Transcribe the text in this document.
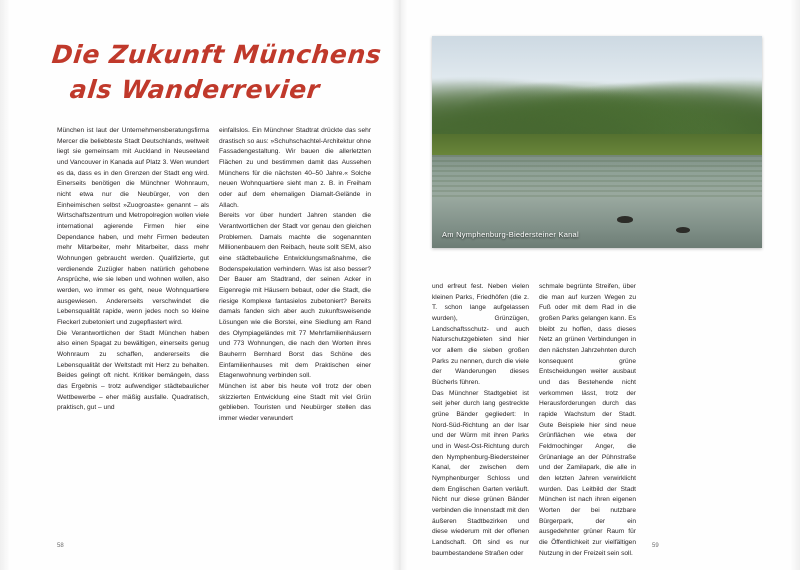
Die Zukunft Münchens
als Wanderrevier
Am Nymphenburg-Biedersteiner Kanal

München ist laut der Unternehmensberatungsfirma Mercer die beliebteste Stadt Deutschlands, weltweit liegt sie gemeinsam mit Auckland in Neuseeland und Vancouver in Kanada auf Platz 3. Wen wundert es da, dass es in den Grenzen der Stadt eng wird. Einerseits benötigen die Münchner Wohnraum, nicht etwa nur die Neubürger, von den Einheimischen selbst »Zuogroaste« genannt – als Wirtschaftszentrum und Metropolregion wollen viele international agierende Firmen hier eine Dependance haben, und mehr Firmen bedeuten mehr Mitarbeiter, mehr Mitarbeiter, dass mehr Wohnungen gebraucht werden. Qualifizierte, gut verdienende Zuzügler haben natürlich gehobene Ansprüche, wie sie leben und wohnen wollen, also werden, wo immer es geht, neue Wohnquartiere ausgewiesen. Andererseits verschwindet die Lebensqualität rapide, wenn jedes noch so kleine Fleckerl zubetoniert und zugepflastert wird.

Die Verantwortlichen der Stadt München haben also einen Spagat zu bewältigen, einerseits genug Wohnraum zu schaffen, andererseits die Lebensqualität der Weltstadt mit Herz zu behalten. Beides gelingt oft nicht. Kritiker bemängeln, dass das Ergebnis – trotz aufwendiger städtebaulicher Wettbewerbe – eher mäßig ausfalle. Quadratisch, praktisch, gut – und

einfallslos. Ein Münchner Stadtrat drückte das sehr drastisch so aus: »Schuhschachtel-Architektur ohne Fassadengestaltung. Wir bauen die allerletzten Flächen zu und bestimmen damit das Aussehen Münchens für die nächsten 40–50 Jahre.« Solche neuen Wohnquartiere sieht man z. B. in Freiham oder auf dem ehemaligen Diamalt-Gelände in Allach.

Bereits vor über hundert Jahren standen die Verantwortlichen der Stadt vor genau den gleichen Problemen. Damals machte die sogenannten Millionenbauern den Reibach, heute sollt SEM, also eine städtebauliche Entwicklungsmaßnahme, die Bodenspekulation verhindern. Was ist also besser? Der Bauer am Stadtrand, der seinen Acker in Eigenregie mit Häusern bebaut, oder die Stadt, die riesige Komplexe fantasielos zubetoniert? Bereits damals fanden sich aber auch zukunftsweisende Lösungen wie die Borstei, eine Siedlung am Rand des Olympiageländes mit 77 Mehrfamilienhäusern und 773 Wohnungen, die nach den Worten ihres Bauherrn Bernhard Borst das Schöne des Einfamilienhauses mit dem Praktischen einer Etagenwohnung verbinden soll.

München ist aber bis heute voll trotz der oben skizzierten Entwicklung eine Stadt mit viel Grün geblieben. Touristen und Neubürger stellen das immer wieder verwundert

und erfreut fest. Neben vielen kleinen Parks, Friedhöfen (die z. T. schon lange aufgelassen wurden), Grünzügen, Landschaftsschutz- und auch Naturschutzgebieten sind hier vor allem die sieben großen Parks zu nennen, durch die viele der Wanderungen dieses Bücherls führen.

Das Münchner Stadtgebiet ist seit jeher durch lang gestreckte grüne Bänder gegliedert: In Nord-Süd-Richtung an der Isar und der Würm mit ihren Parks und in West-Ost-Richtung durch den Nymphenburg-Biedersteiner Kanal, der zwischen dem Nymphenburger Schloss und dem Englischen Garten verläuft. Nicht nur diese grünen Bänder verbinden die Innenstadt mit den äußeren Stadtbezirken und diese wiederum mit der offenen Landschaft. Oft sind es nur baumbestandene Straßen oder

schmale begrünte Streifen, über die man auf kurzen Wegen zu Fuß oder mit dem Rad in die großen Parks gelangen kann. Es bleibt zu hoffen, dass dieses Netz an grünen Verbindungen in den nächsten Jahrzehnten durch konsequent grüne Entscheidungen weiter ausbaut und das Bestehende nicht verkommen lässt, trotz der Herausforderungen durch das rapide Wachstum der Stadt. Gute Beispiele hier sind neue Grünflächen wie etwa der Feldmochinger Anger, die Grünanlage an der Pühnstraße und der Zamilapark, die alle in den letzten Jahren verwirklicht wurden. Das Leitbild der Stadt München ist nach ihren eigenen Worten der bei nutzbare Bürgerpark, der ein ausgedehnter grüner Raum für die Öffentlichkeit zur vielfältigen Nutzung in der Freizeit sein soll.
58	59
